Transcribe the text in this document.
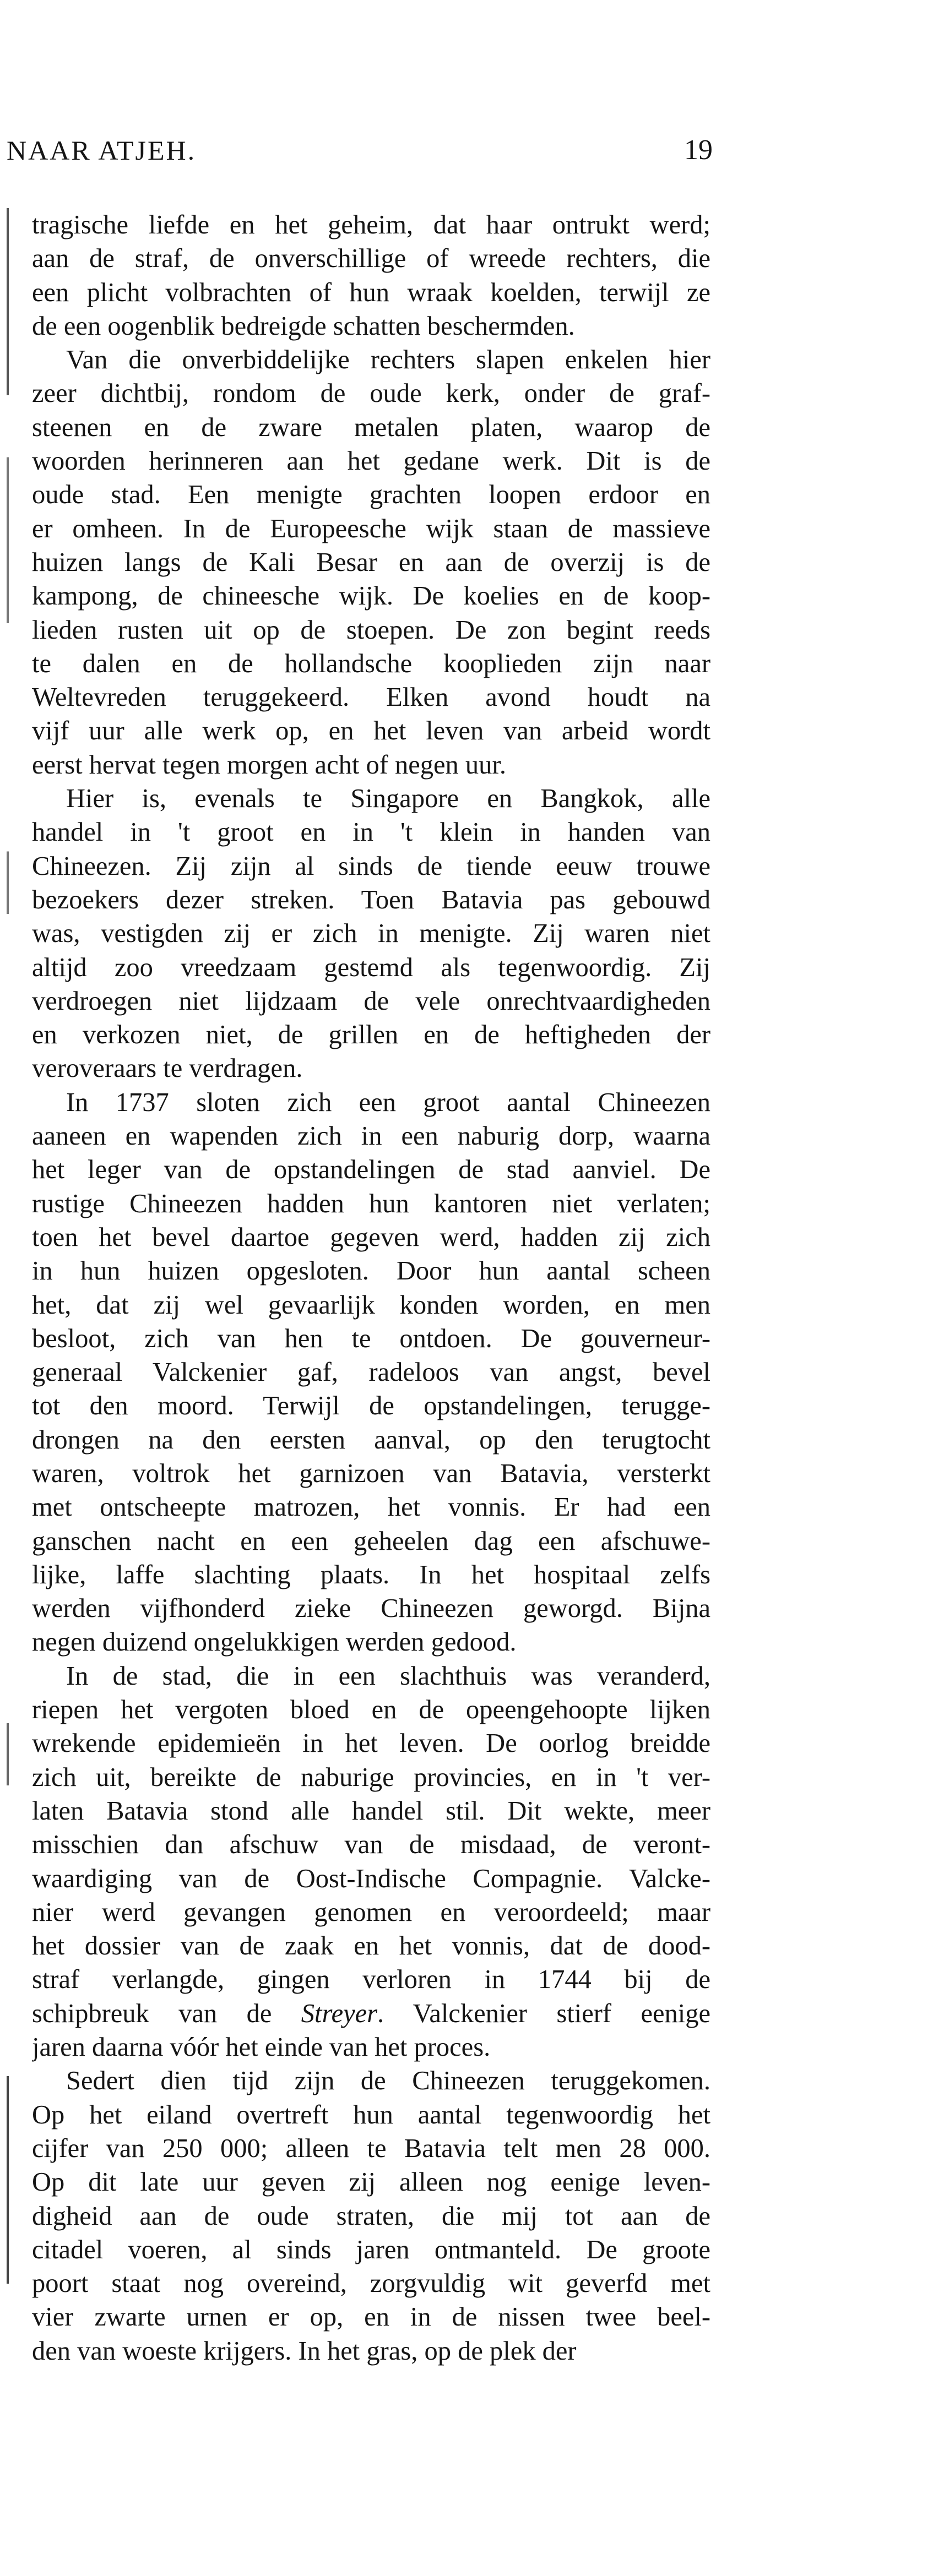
NAAR ATJEH.	19

tragische liefde en het geheim, dat haar ontrukt werd;
aan de straf, de onverschillige of wreede rechters, die
een plicht volbrachten of hun wraak koelden, terwijl ze
de een oogenblik bedreigde schatten beschermden.

Van die onverbiddelijke rechters slapen enkelen hier
zeer dichtbij, rondom de oude kerk, onder de graf-
steenen en de zware metalen platen, waarop de
woorden herinneren aan het gedane werk. Dit is de
oude stad. Een menigte grachten loopen erdoor en
er omheen. In de Europeesche wijk staan de massieve
huizen langs de Kali Besar en aan de overzij is de
kampong, de chineesche wijk. De koelies en de koop-
lieden rusten uit op de stoepen. De zon begint reeds
te dalen en de hollandsche kooplieden zijn naar
Weltevreden teruggekeerd. Elken avond houdt na
vijf uur alle werk op, en het leven van arbeid wordt
eerst hervat tegen morgen acht of negen uur.

Hier is, evenals te Singapore en Bangkok, alle
handel in 't groot en in 't klein in handen van
Chineezen. Zij zijn al sinds de tiende eeuw trouwe
bezoekers dezer streken. Toen Batavia pas gebouwd
was, vestigden zij er zich in menigte. Zij waren niet
altijd zoo vreedzaam gestemd als tegenwoordig. Zij
verdroegen niet lijdzaam de vele onrechtvaardigheden
en verkozen niet, de grillen en de heftigheden der
veroveraars te verdragen.

In 1737 sloten zich een groot aantal Chineezen
aaneen en wapenden zich in een naburig dorp, waarna
het leger van de opstandelingen de stad aanviel. De
rustige Chineezen hadden hun kantoren niet verlaten;
toen het bevel daartoe gegeven werd, hadden zij zich
in hun huizen opgesloten. Door hun aantal scheen
het, dat zij wel gevaarlijk konden worden, en men
besloot, zich van hen te ontdoen. De gouverneur-
generaal Valckenier gaf, radeloos van angst, bevel
tot den moord. Terwijl de opstandelingen, terugge-
drongen na den eersten aanval, op den terugtocht
waren, voltrok het garnizoen van Batavia, versterkt
met ontscheepte matrozen, het vonnis. Er had een
ganschen nacht en een geheelen dag een afschuwe-
lijke, laffe slachting plaats. In het hospitaal zelfs
werden vijfhonderd zieke Chineezen geworgd. Bijna
negen duizend ongelukkigen werden gedood.

In de stad, die in een slachthuis was veranderd,
riepen het vergoten bloed en de opeengehoopte lijken
wrekende epidemieën in het leven. De oorlog breidde
zich uit, bereikte de naburige provincies, en in 't ver-
laten Batavia stond alle handel stil. Dit wekte, meer
misschien dan afschuw van de misdaad, de veront-
waardiging van de Oost-Indische Compagnie. Valcke-
nier werd gevangen genomen en veroordeeld; maar
het dossier van de zaak en het vonnis, dat de dood-
straf verlangde, gingen verloren in 1744 bij de
schipbreuk van de Streyer. Valckenier stierf eenige
jaren daarna vóór het einde van het proces.

Sedert dien tijd zijn de Chineezen teruggekomen.
Op het eiland overtreft hun aantal tegenwoordig het
cijfer van 250 000; alleen te Batavia telt men 28 000.
Op dit late uur geven zij alleen nog eenige leven-
digheid aan de oude straten, die mij tot aan de
citadel voeren, al sinds jaren ontmanteld. De groote
poort staat nog overeind, zorgvuldig wit geverfd met
vier zwarte urnen er op, en in de nissen twee beel-
den van woeste krijgers. In het gras, op de plek der
